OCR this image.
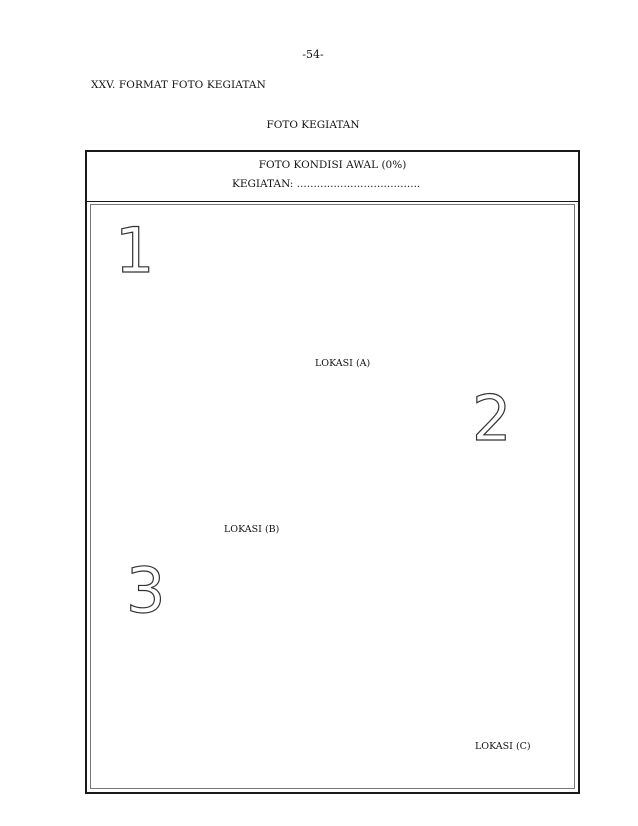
-54-
XXV. FORMAT FOTO KEGIATAN
FOTO KEGIATAN
FOTO KONDISI AWAL (0%)
KEGIATAN: .....................................
1
2
3
LOKASI (A)
LOKASI (B)
LOKASI (C)
